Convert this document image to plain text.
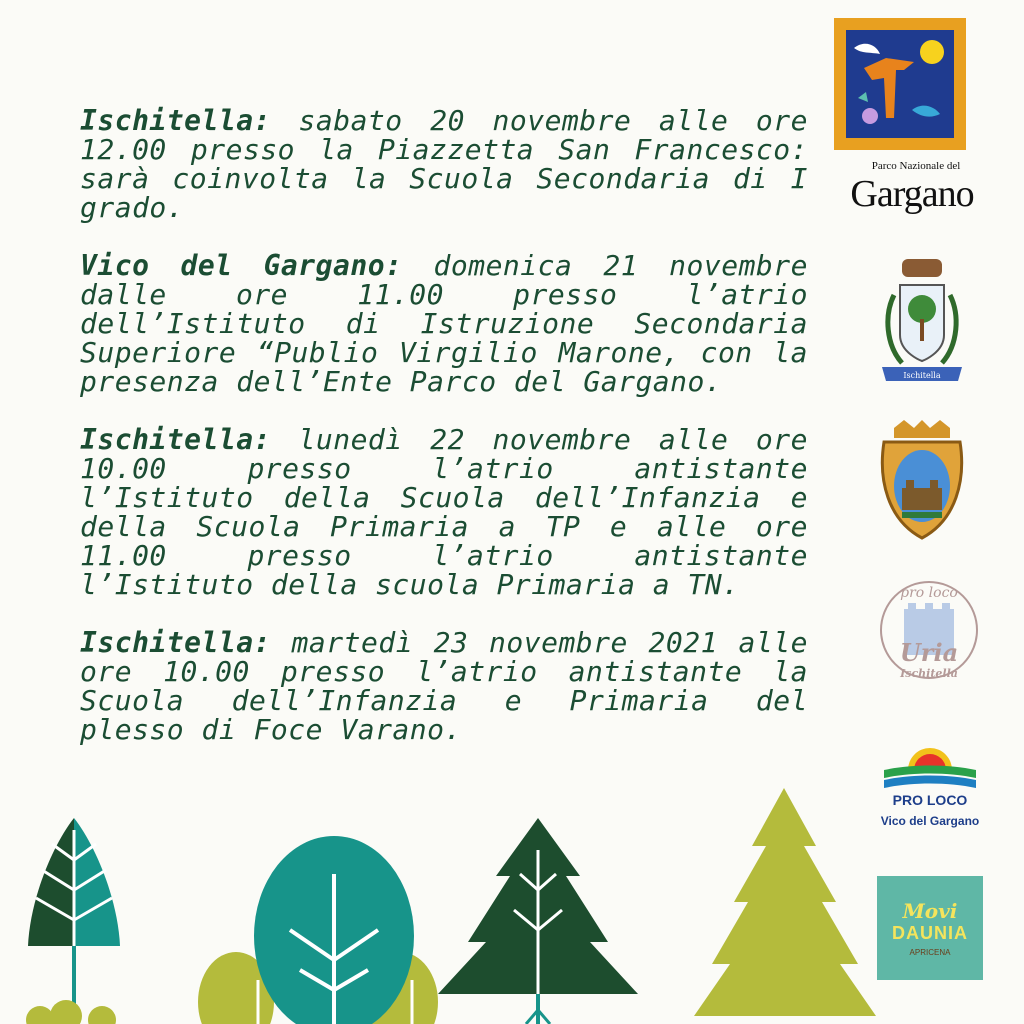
Ischitella: sabato 20 novembre alle ore 12.00 presso la Piazzetta San Francesco: sarà coinvolta la Scuola Secondaria di I grado.

Vico del Gargano: domenica 21 novembre dalle ore 11.00 presso l’atrio dell’Istituto di Istruzione Secondaria Superiore “Publio Virgilio Marone, con la presenza dell’Ente Parco del Gargano.

Ischitella: lunedì 22 novembre alle ore 10.00 presso l’atrio antistante l’Istituto della Scuola dell’Infanzia e della Scuola Primaria a TP e alle ore 11.00 presso l’atrio antistante l’Istituto della scuola Primaria a TN.

Ischitella: martedì 23 novembre 2021 alle ore 10.00 presso l’atrio antistante la Scuola dell’Infanzia e Primaria del plesso di Foce Varano.

Parco Nazionale del
Gargano
Ischitella
pro loco
Uria
Ischitella
PRO LOCO
Vico del Gargano
Movi
DAUNIA
APRICENA
